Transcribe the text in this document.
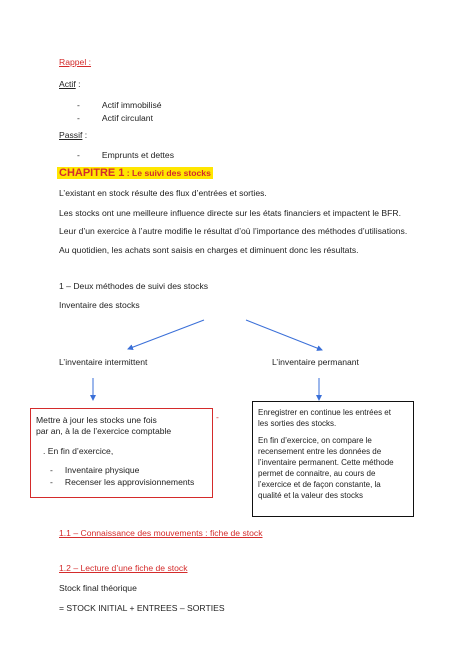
Rappel :
Actif :
-	Actif immobilisé
-	Actif circulant
Passif :
-	Emprunts et dettes
CHAPITRE 1 : Le suivi des stocks
L’existant en stock résulte des flux d’entrées et sorties.
Les stocks ont une meilleure influence directe sur les états financiers et impactent le BFR.
Leur d’un exercice à l’autre modifie le résultat d’où l’importance des méthodes d’utilisations.
Au quotidien, les achats sont saisis en charges et diminuent donc les résultats.
1 – Deux méthodes de suivi des stocks
Inventaire des stocks
L’inventaire intermittent	L’inventaire permanant
Mettre à jour les stocks une fois
par an, à la de l’exercice comptable
. En fin d’exercice,
- Inventaire physique
- Recenser les approvisionnements
-	Enregistrer en continue les entrées et
les sorties des stocks.
En fin d’exercice, on compare le
recensement entre les données de
l’inventaire permanent. Cette méthode
permet de connaitre, au cours de
l’exercice et de façon constante, la
qualité et la valeur des stocks
1.1 – Connaissance des mouvements : fiche de stock
1.2 – Lecture d’une fiche de stock
Stock final théorique
= STOCK INITIAL + ENTREES – SORTIES
